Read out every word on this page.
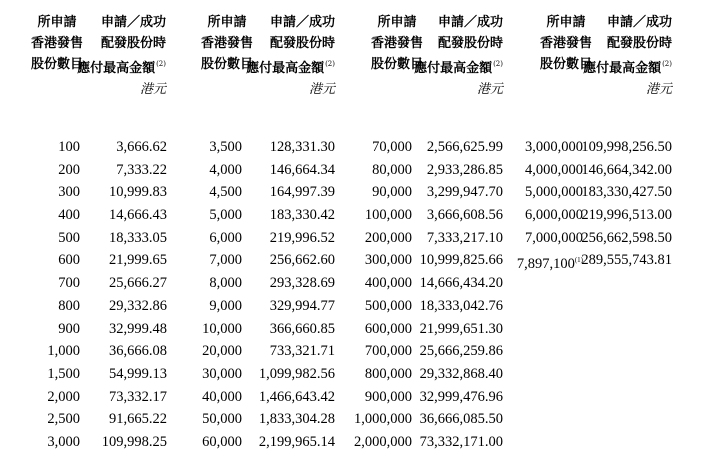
所申請
香港發售
股份數目
申請／成功
配發股份時
應付最高金額$^{(2)}$
港元
所申請
香港發售
股份數目
申請／成功
配發股份時
應付最高金額$^{(2)}$
港元
所申請
香港發售
股份數目
申請／成功
配發股份時
應付最高金額$^{(2)}$
港元
所申請
香港發售
股份數目
申請／成功
配發股份時
應付最高金額$^{(2)}$
港元
100
200
300
400
500
600
700
800
900
1,000
1,500
2,000
2,500
3,000
3,666.62
7,333.22
10,999.83
14,666.43
18,333.05
21,999.65
25,666.27
29,332.86
32,999.48
36,666.08
54,999.13
73,332.17
91,665.22
109,998.25
3,500
4,000
4,500
5,000
6,000
7,000
8,000
9,000
10,000
20,000
30,000
40,000
50,000
60,000
128,331.30
146,664.34
164,997.39
183,330.42
219,996.52
256,662.60
293,328.69
329,994.77
366,660.85
733,321.71
1,099,982.56
1,466,643.42
1,833,304.28
2,199,965.14
70,000
80,000
90,000
100,000
200,000
300,000
400,000
500,000
600,000
700,000
800,000
900,000
1,000,000
2,000,000
2,566,625.99
2,933,286.85
3,299,947.70
3,666,608.56
7,333,217.10
10,999,825.66
14,666,434.20
18,333,042.76
21,999,651.30
25,666,259.86
29,332,868.40
32,999,476.96
36,666,085.50
73,332,171.00
3,000,000
4,000,000
5,000,000
6,000,000
7,000,000
7,897,100$^{(1)}$
109,998,256.50
146,664,342.00
183,330,427.50
219,996,513.00
256,662,598.50
289,555,743.81
